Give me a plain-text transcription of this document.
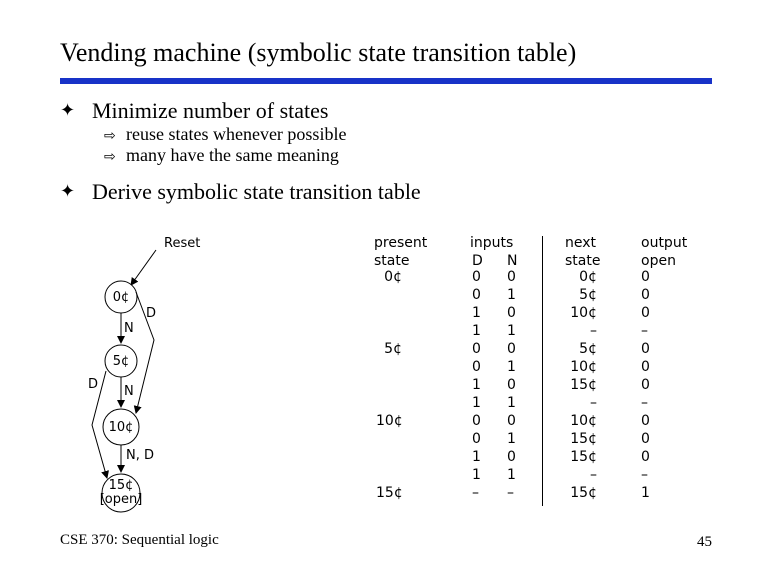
Vending machine (symbolic state transition table)
✦ Minimize number of states
⇨ reuse states whenever possible
⇨ many have the same meaning
✦ Derive symbolic state transition table
Reset
0¢
5¢
10¢
15¢
[open]
N
D
N
D
N, D
present
state
inputs
D N
next
state
output
open
0¢
5¢
10¢
15¢
0
0
1
1
0
0
1
1
0
0
1
1
–
0
1
0
1
0
1
0
1
0
1
0
1
–
0¢
5¢
10¢
–
5¢
10¢
15¢
–
10¢
15¢
15¢
–
15¢
0
0
0
–
0
0
0
–
0
0
0
–
1
CSE 370: Sequential logic	45
